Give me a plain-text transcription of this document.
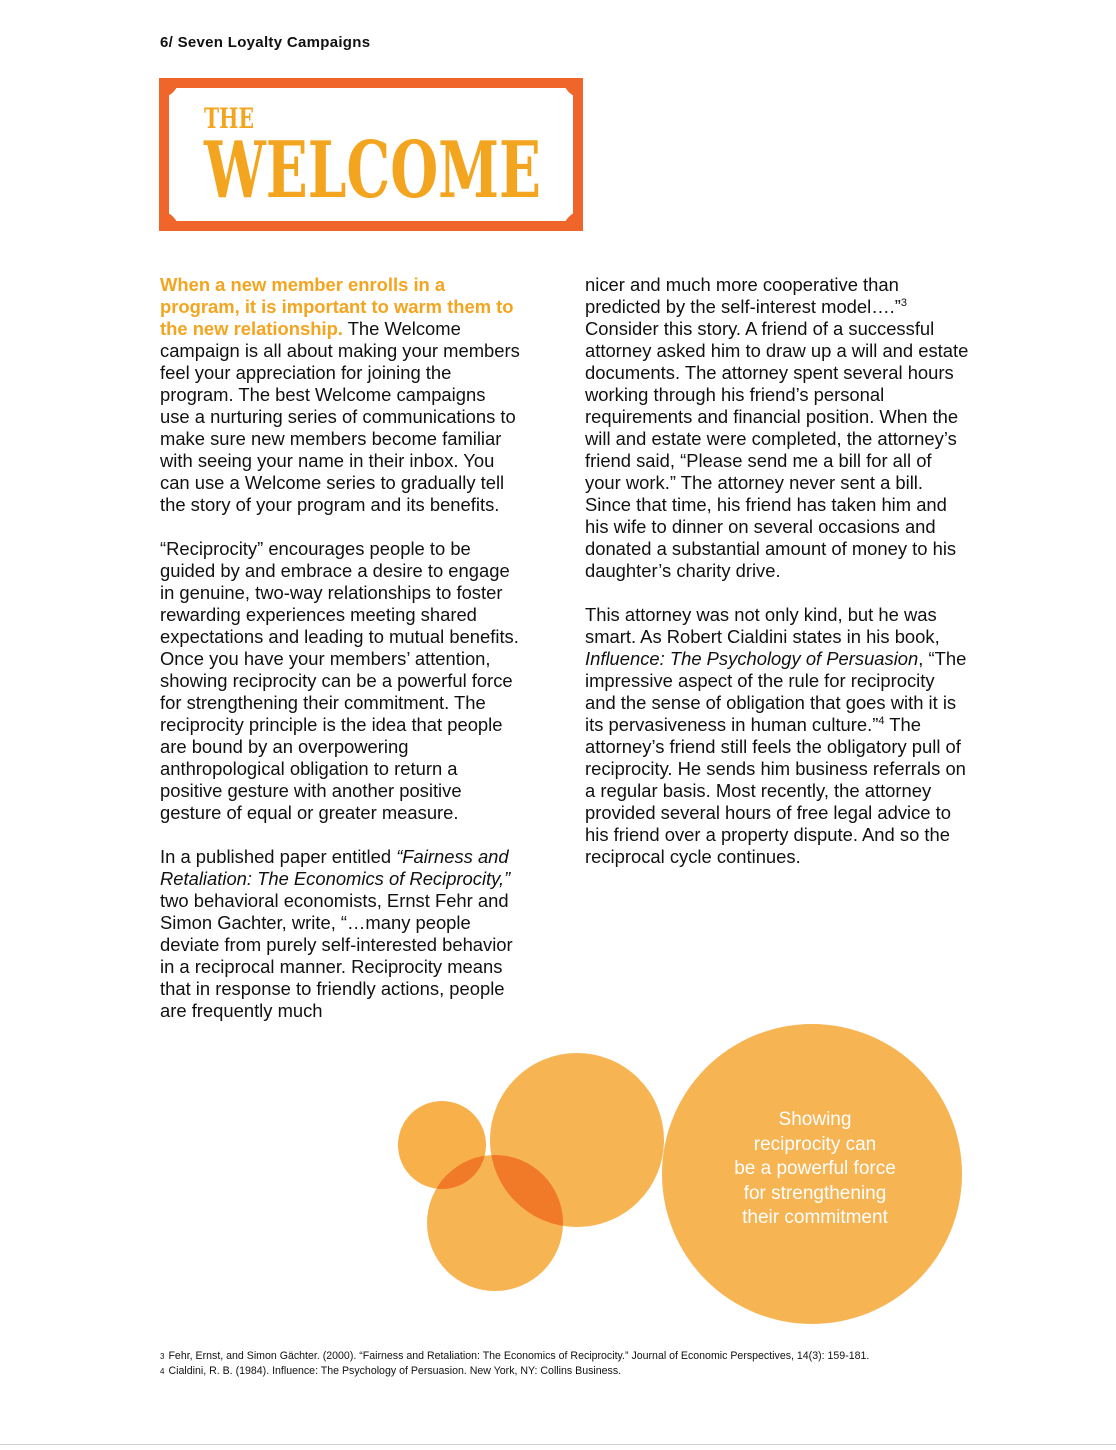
6/ Seven Loyalty Campaigns
THE
WELCOME

When a new member enrolls in a program, it is important to warm them to the new relationship. The Welcome campaign is all about making your members feel your appreciation for joining the program. The best Welcome campaigns use a nurturing series of communications to make sure new members become familiar with seeing your name in their inbox. You can use a Welcome series to gradually tell the story of your program and its benefits.

“Reciprocity” encourages people to be guided by and embrace a desire to engage in genuine, two-way relationships to foster rewarding experiences meeting shared expectations and leading to mutual benefits. Once you have your members’ attention, showing reciprocity can be a powerful force for strengthening their commitment. The reciprocity principle is the idea that people are bound by an overpowering anthropological obligation to return a positive gesture with another positive gesture of equal or greater measure.

In a published paper entitled “Fairness and Retaliation: The Economics of Reciprocity,” two behavioral economists, Ernst Fehr and Simon Gachter, write, “…many people deviate from purely self-interested behavior in a reciprocal manner. Reciprocity means that in response to friendly actions, people are frequently much

nicer and much more cooperative than predicted by the self-interest model….”$^3$ Consider this story. A friend of a successful attorney asked him to draw up a will and estate documents. The attorney spent several hours working through his friend’s personal requirements and financial position. When the will and estate were completed, the attorney’s friend said, “Please send me a bill for all of your work.” The attorney never sent a bill. Since that time, his friend has taken him and his wife to dinner on several occasions and donated a substantial amount of money to his daughter’s charity drive.

This attorney was not only kind, but he was smart. As Robert Cialdini states in his book, Influence: The Psychology of Persuasion, “The impressive aspect of the rule for reciprocity and the sense of obligation that goes with it is its pervasiveness in human culture.”$^4$ The attorney’s friend still feels the obligatory pull of reciprocity. He sends him business referrals on a regular basis. Most recently, the attorney provided several hours of free legal advice to his friend over a property dispute. And so the reciprocal cycle continues.

Showing
reciprocity can
be a powerful force
for strengthening
their commitment
3 Fehr, Ernst, and Simon Gächter. (2000). “Fairness and Retaliation: The Economics of Reciprocity.” Journal of Economic Perspectives, 14(3): 159-181.
4 Cialdini, R. B. (1984). Influence: The Psychology of Persuasion. New York, NY: Collins Business.
